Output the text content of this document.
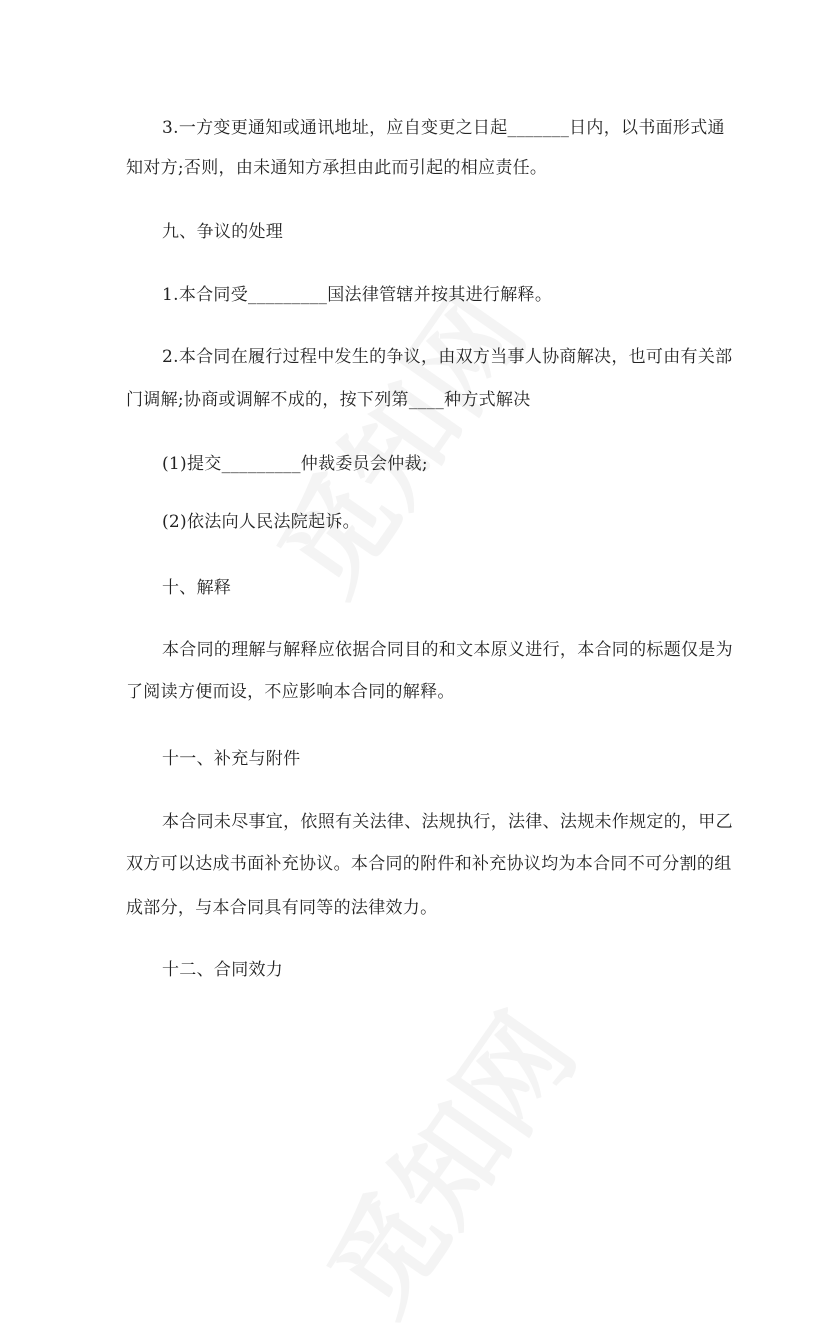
3.一方变更通知或通讯地址，应自变更之日起_______日内，以书面形式通
知对方;否则，由未通知方承担由此而引起的相应责任。
九、争议的处理
1.本合同受_________国法律管辖并按其进行解释。
2.本合同在履行过程中发生的争议，由双方当事人协商解决，也可由有关部
门调解;协商或调解不成的，按下列第____种方式解决
(1)提交_________仲裁委员会仲裁;
(2)依法向人民法院起诉。
十、解释
本合同的理解与解释应依据合同目的和文本原义进行，本合同的标题仅是为
了阅读方便而设，不应影响本合同的解释。
十一、补充与附件
本合同未尽事宜，依照有关法律、法规执行，法律、法规未作规定的，甲乙
双方可以达成书面补充协议。本合同的附件和补充协议均为本合同不可分割的组
成部分，与本合同具有同等的法律效力。
十二、合同效力
